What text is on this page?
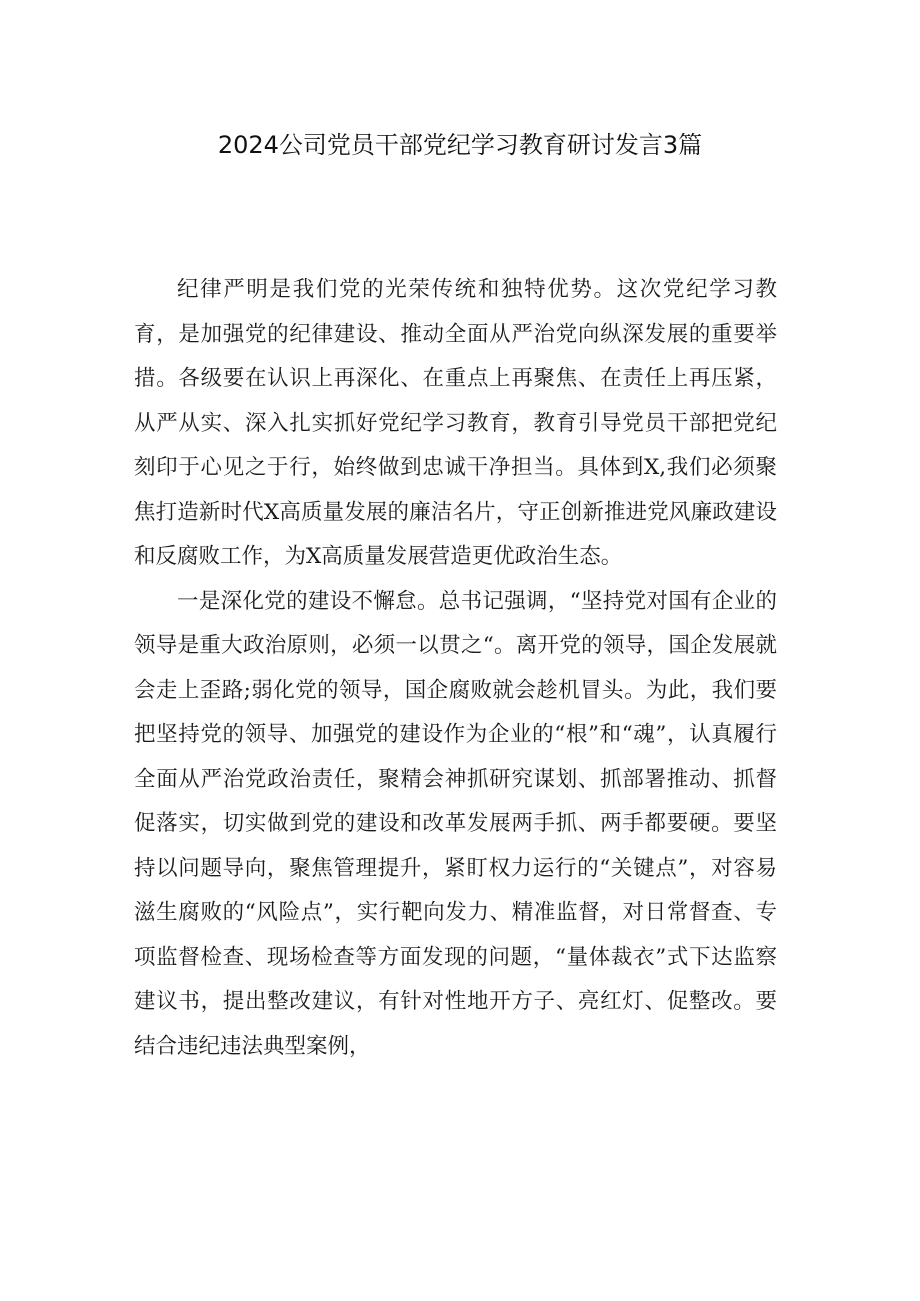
2024公司党员干部党纪学习教育研讨发言3篇

纪律严明是我们党的光荣传统和独特优势。这次党纪学习教育，是加强党的纪律建设、推动全面从严治党向纵深发展的重要举措。各级要在认识上再深化、在重点上再聚焦、在责任上再压紧，从严从实、深入扎实抓好党纪学习教育，教育引导党员干部把党纪刻印于心见之于行，始终做到忠诚干净担当。具体到X,我们必须聚焦打造新时代X高质量发展的廉洁名片，守正创新推进党风廉政建设和反腐败工作，为X高质量发展营造更优政治生态。

一是深化党的建设不懈怠。总书记强调，“坚持党对国有企业的领导是重大政治原则，必须一以贯之“。离开党的领导，国企发展就会走上歪路;弱化党的领导，国企腐败就会趁机冒头。为此，我们要把坚持党的领导、加强党的建设作为企业的“根”和“魂”，认真履行全面从严治党政治责任，聚精会神抓研究谋划、抓部署推动、抓督促落实，切实做到党的建设和改革发展两手抓、两手都要硬。要坚持以问题导向，聚焦管理提升，紧盯权力运行的“关键点”，对容易滋生腐败的“风险点”，实行靶向发力、精准监督，对日常督查、专项监督检查、现场检查等方面发现的问题，“量体裁衣”式下达监察建议书，提出整改建议，有针对性地开方子、亮红灯、促整改。要结合违纪违法典型案例，
